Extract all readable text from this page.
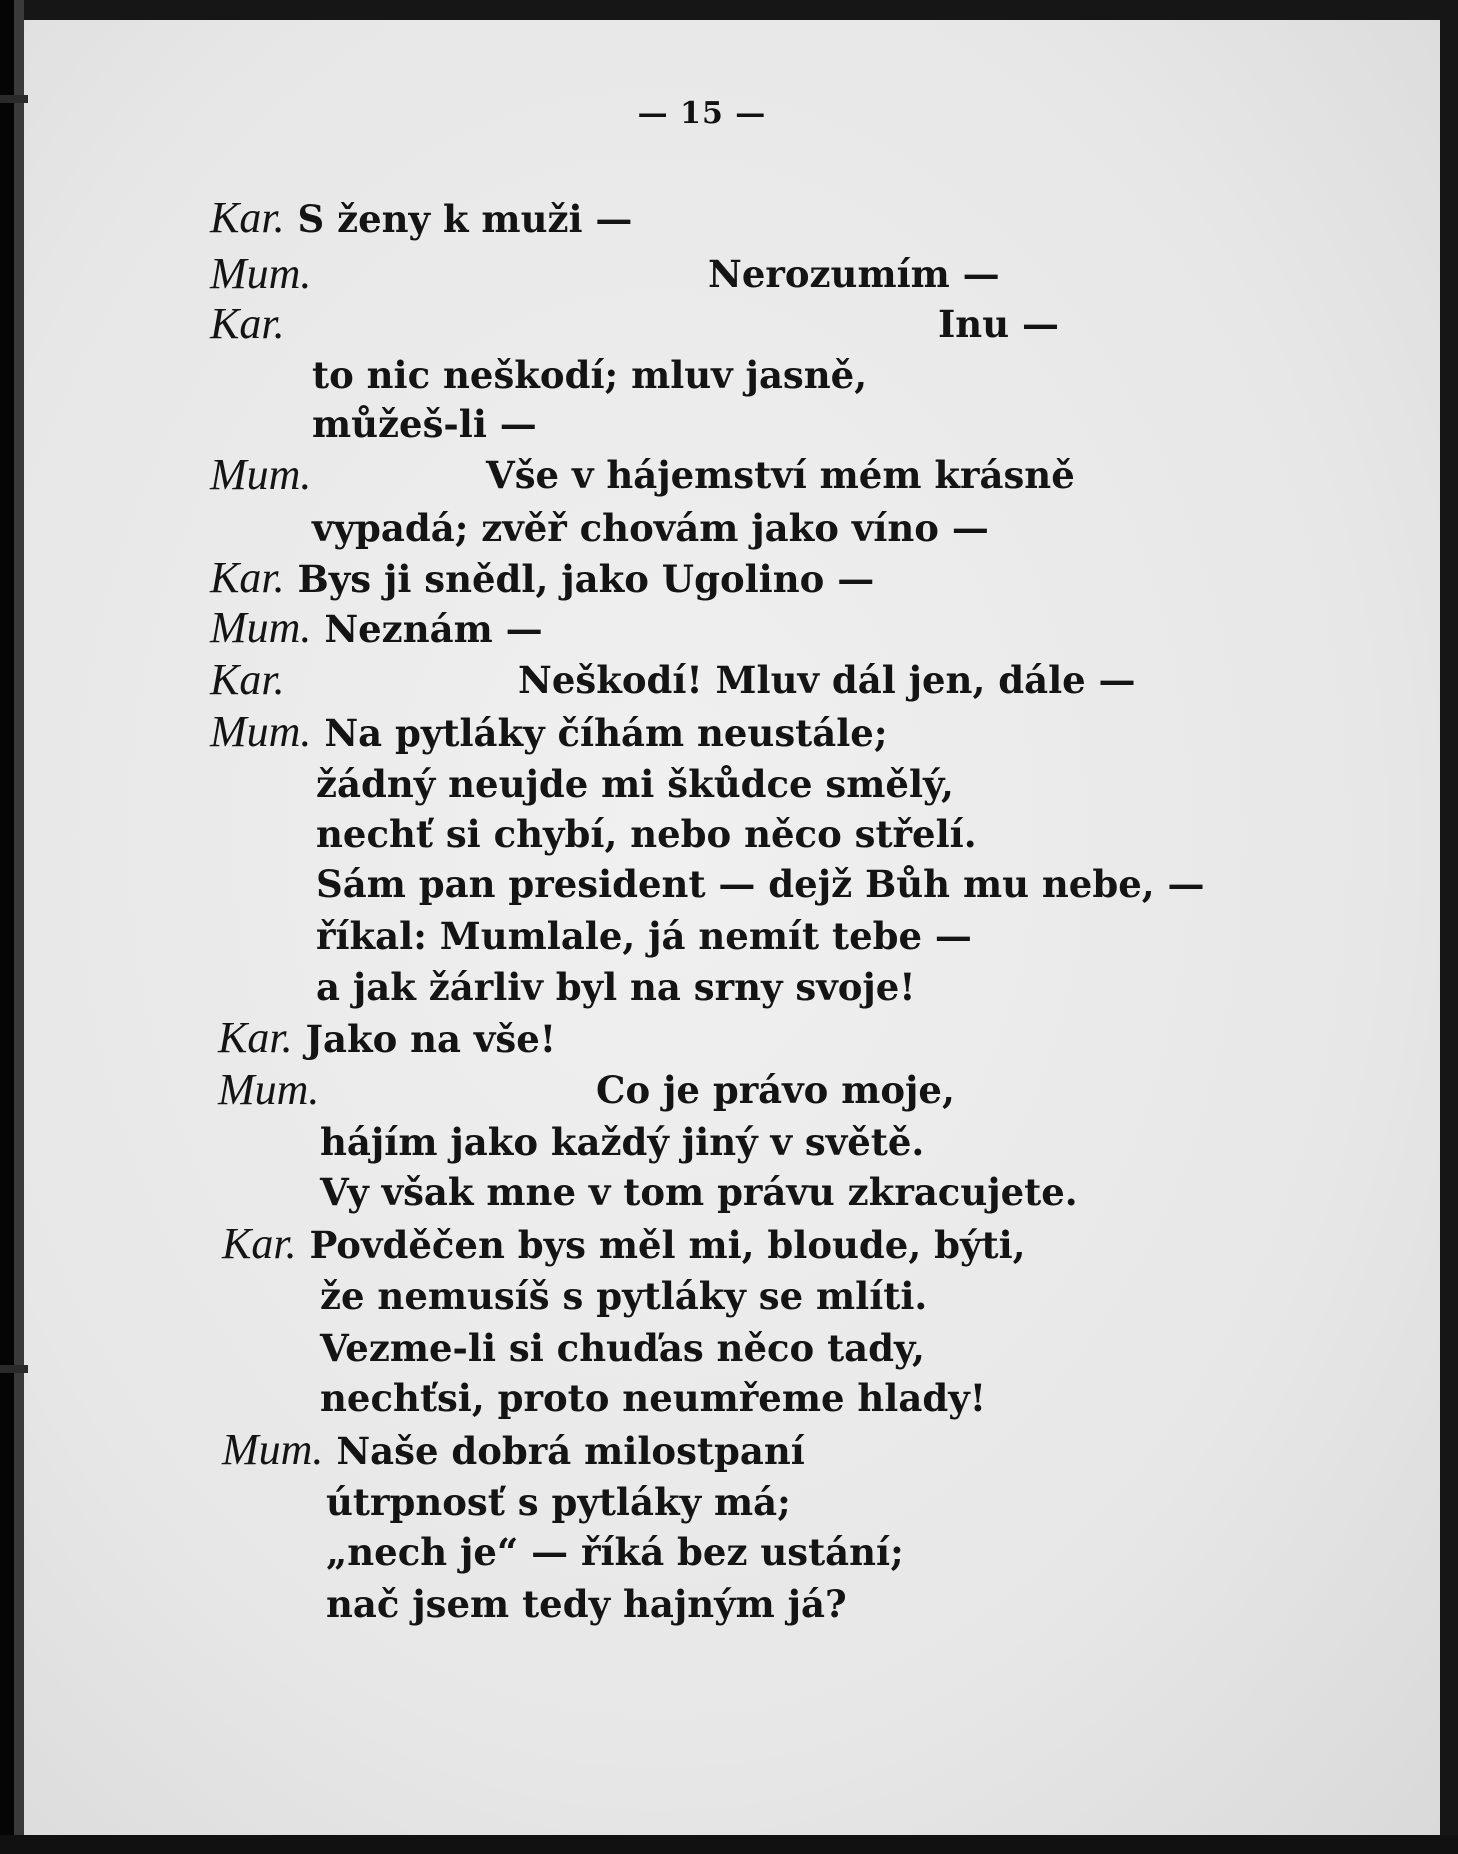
— 15 —
Kar. S ženy k muži —
Mum.	Nerozumím —
Kar.	Inu —
to nic neškodí; mluv jasně,
můžeš-li —
Mum.	Vše v hájemství mém krásně
vypadá; zvěř chovám jako víno —
Kar. Bys ji snědl, jako Ugolino —
Mum. Neznám —
Kar.	Neškodí! Mluv dál jen, dále —
Mum. Na pytláky číhám neustále;
žádný neujde mi škůdce smělý,
nechť si chybí, nebo něco střelí.
Sám pan president — dejž Bůh mu nebe, —
říkal: Mumlale, já nemít tebe —
a jak žárliv byl na srny svoje!
Kar. Jako na vše!
Mum.	Co je právo moje,
hájím jako každý jiný v světě.
Vy však mne v tom právu zkracujete.
Kar. Povděčen bys měl mi, bloude, býti,
že nemusíš s pytláky se mlíti.
Vezme-li si chuďas něco tady,
nechťsi, proto neumřeme hlady!
Mum. Naše dobrá milostpaní
útrpnosť s pytláky má;
„nech je“ — říká bez ustání;
nač jsem tedy hajným já?
